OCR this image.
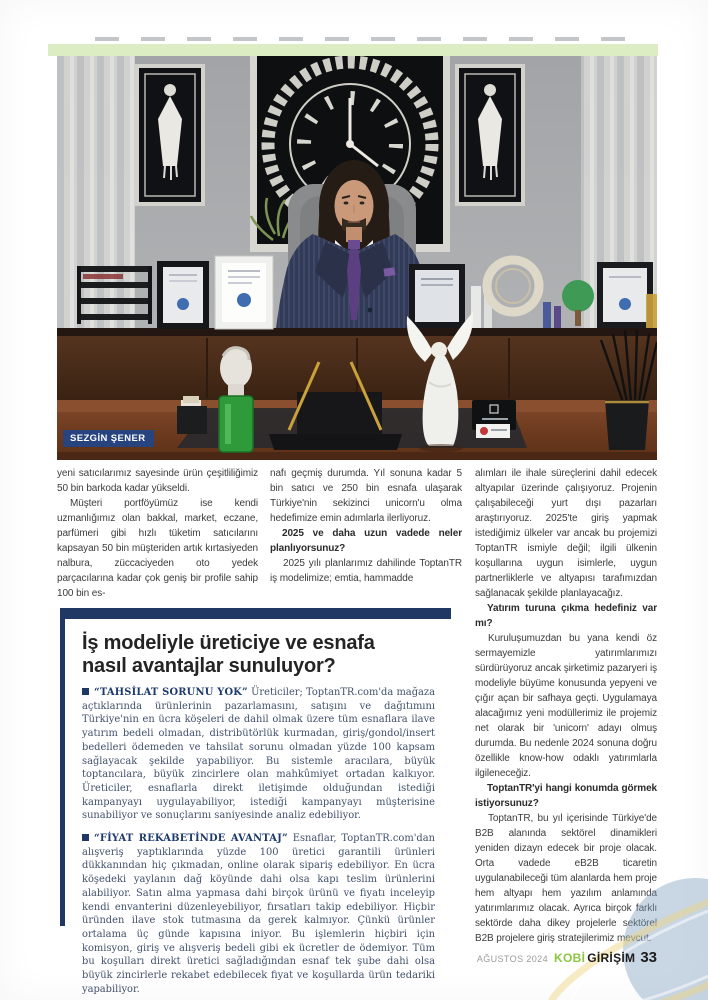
SEZGİN ŞENER

yeni satıcılarımız sayesinde ürün çeşitliliğimiz 50 bin barkoda kadar yükseldi.

Müşteri portföyümüz ise kendi uzmanlığımız olan bakkal, market, eczane, parfümeri gibi hızlı tüketim satıcılarını kapsayan 50 bin müşteriden artık kırtasiyeden nalbura, züccaciyeden oto yedek parçacılarına kadar çok geniş bir profile sahip 100 bin es-

nafı geçmiş durumda. Yıl sonuna kadar 5 bin satıcı ve 250 bin esnafa ulaşarak Türkiye'nin sekizinci unicorn'u olma hedefimize emin adımlarla ilerliyoruz.

2025 ve daha uzun vadede neler planlıyorsunuz?

2025 yılı planlarımız dahilinde ToptanTR iş modelimize; emtia, hammadde

alımları ile ihale süreçlerini dahil edecek altyapılar üzerinde çalışıyoruz. Projenin çalışabileceği yurt dışı pazarları araştırıyoruz. 2025'te giriş yapmak istediğimiz ülkeler var ancak bu projemizi ToptanTR ismiyle değil; ilgili ülkenin koşullarına uygun isimlerle, uygun partnerliklerle ve altyapısı tarafımızdan sağlanacak şekilde planlayacağız.

Yatırım turuna çıkma hedefiniz var mı?

Kuruluşumuzdan bu yana kendi öz sermayemizle yatırımlarımızı sürdürüyoruz ancak şirketimiz pazaryeri iş modeliyle büyüme konusunda yepyeni ve çığır açan bir safhaya geçti. Uygulamaya alacağımız yeni modüllerimiz ile projemiz net olarak bir 'unicorn' adayı olmuş durumda. Bu nedenle 2024 sonuna doğru özellikle know-how odaklı yatırımlarla ilgileneceğiz.

ToptanTR'yi hangi konumda görmek istiyorsunuz?

ToptanTR, bu yıl içerisinde Türkiye'de B2B alanında sektörel dinamikleri yeniden dizayn edecek bir proje olacak. Orta vadede eB2B ticaretin uygulanabileceği tüm alanlarda hem proje hem altyapı hem yazılım anlamında yatırımlarımız olacak. Ayrıca birçok farklı sektörde daha dikey projelerle sektörel B2B projelere giriş stratejilerimiz mevcut.

İş modeliyle üreticiye ve esnafa
nasıl avantajlar sunuluyor?

“TAHSİLAT SORUNU YOK” Üreticiler; ToptanTR.com'da mağaza açtıklarında ürünlerinin pazarlamasını, satışını ve dağıtımını Türkiye'nin en ücra köşeleri de dahil olmak üzere tüm esnaflara ilave yatırım bedeli olmadan, distribütörlük kurmadan, giriş/gondol/insert bedelleri ödemeden ve tahsilat sorunu olmadan yüzde 100 kapsam sağlayacak şekilde yapabiliyor. Bu sistemle aracılara, büyük toptancılara, büyük zincirlere olan mahkûmiyet ortadan kalkıyor. Üreticiler, esnaflarla direkt iletişimde olduğundan istediği kampanyayı uygulayabiliyor, istediği kampanyayı müşterisine sunabiliyor ve sonuçlarını saniyesinde analiz edebiliyor.

“FİYAT REKABETİNDE AVANTAJ” Esnaflar, ToptanTR.com'dan alışveriş yaptıklarında yüzde 100 üretici garantili ürünleri dükkanından hiç çıkmadan, online olarak sipariş edebiliyor. En ücra köşedeki yaylanın dağ köyünde dahi olsa kapı teslim ürünlerini alabiliyor. Satın alma yapmasa dahi birçok ürünü ve fiyatı inceleyip kendi envanterini düzenleyebiliyor, fırsatları takip edebiliyor. Hiçbir üründen ilave stok tutmasına da gerek kalmıyor. Çünkü ürünler ortalama üç günde kapısına iniyor. Bu işlemlerin hiçbiri için komisyon, giriş ve alışveriş bedeli gibi ek ücretler de ödemiyor. Tüm bu koşulları direkt üretici sağladığından esnaf tek şube dahi olsa büyük zincirlerle rekabet edebilecek fiyat ve koşullarda ürün tedariki yapabiliyor.

AĞUSTOS 2024 KOBİ GİRİŞİM 33
